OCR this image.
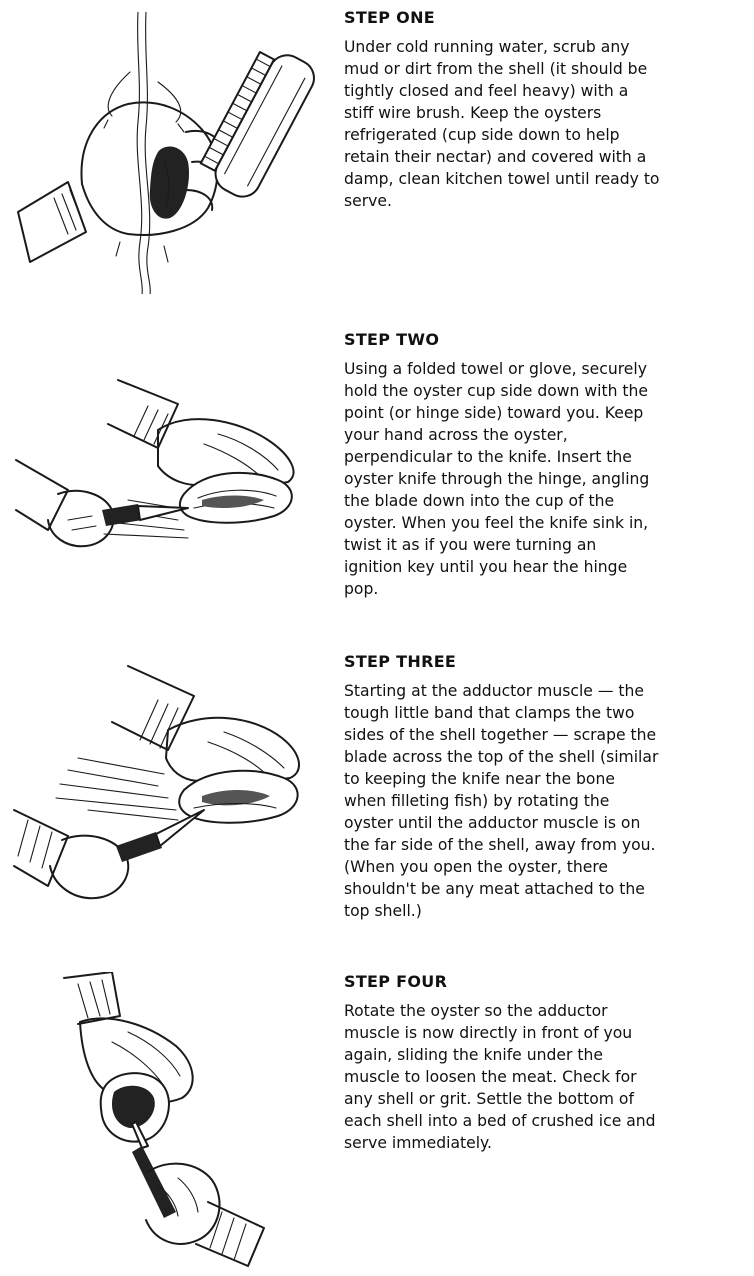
STEP ONE

Under cold running water, scrub any
mud or dirt from the shell (it should be
tightly closed and feel heavy) with a
stiff wire brush. Keep the oysters
refrigerated (cup side down to help
retain their nectar) and covered with a
damp, clean kitchen towel until ready to
serve.

STEP TWO

Using a folded towel or glove, securely
hold the oyster cup side down with the
point (or hinge side) toward you. Keep
your hand across the oyster,
perpendicular to the knife. Insert the
oyster knife through the hinge, angling
the blade down into the cup of the
oyster. When you feel the knife sink in,
twist it as if you were turning an
ignition key until you hear the hinge
pop.

STEP THREE

Starting at the adductor muscle — the
tough little band that clamps the two
sides of the shell together — scrape the
blade across the top of the shell (similar
to keeping the knife near the bone
when filleting fish) by rotating the
oyster until the adductor muscle is on
the far side of the shell, away from you.
(When you open the oyster, there
shouldn't be any meat attached to the
top shell.)

STEP FOUR

Rotate the oyster so the adductor
muscle is now directly in front of you
again, sliding the knife under the
muscle to loosen the meat. Check for
any shell or grit. Settle the bottom of
each shell into a bed of crushed ice and
serve immediately.
